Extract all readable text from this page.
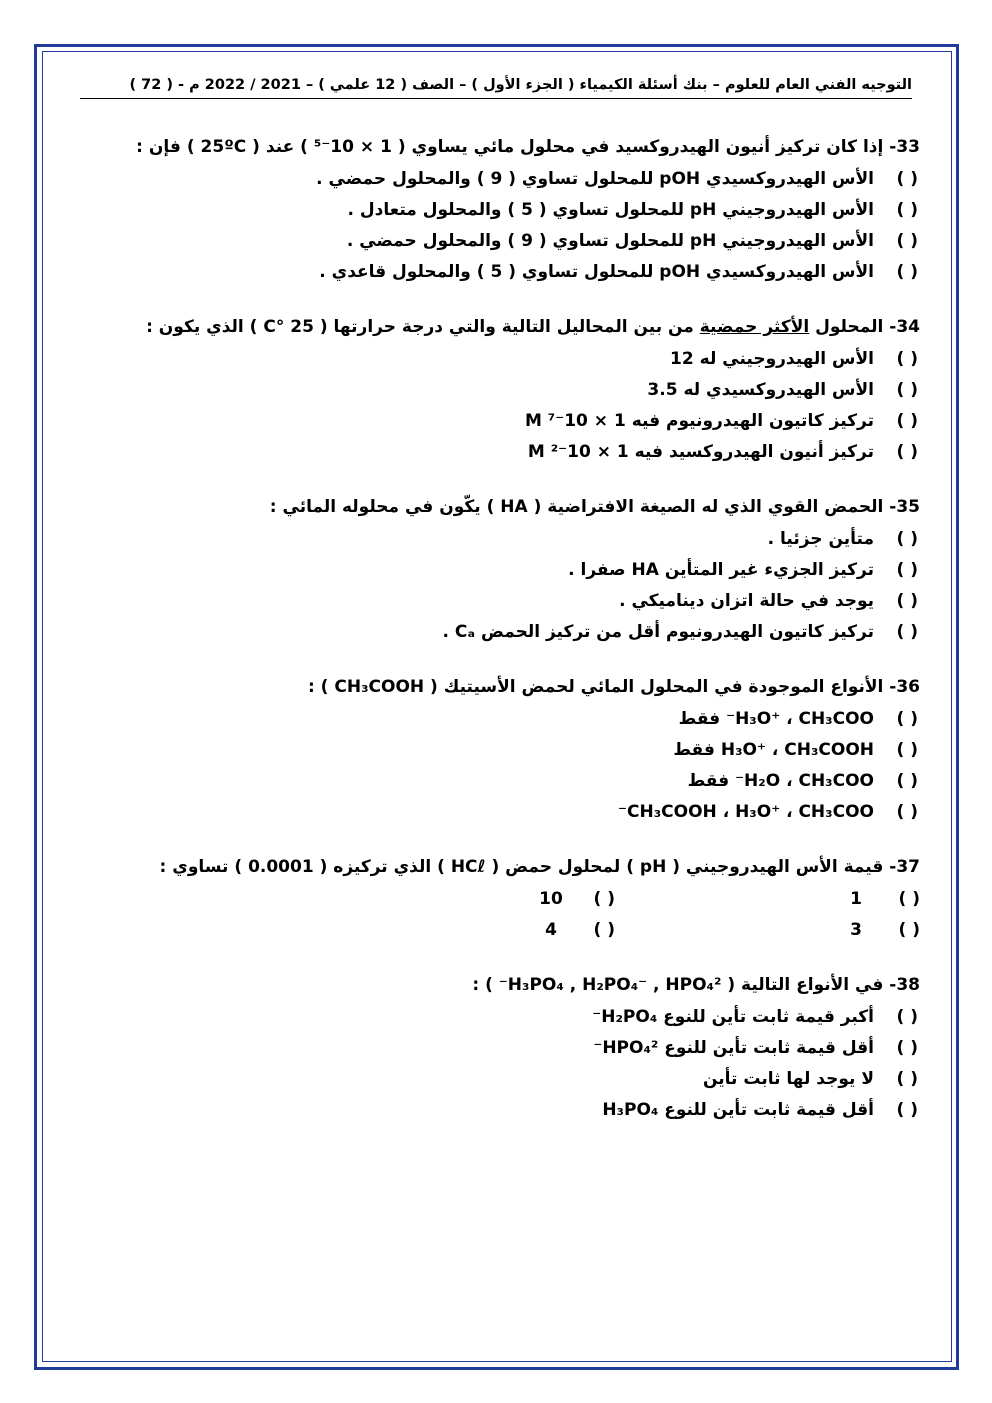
التوجيه الفني العام للعلوم – بنك أسئلة الكيمياء ( الجزء الأول ) – الصف ( 12 علمي ) – 2021 / 2022 م - ( 72 )
33- إذا كان تركيز أنيون الهيدروكسيد في محلول مائي يساوي ( 1 × 10⁻⁵ ) عند ( 25ºC ) فإن :
( )الأس الهيدروكسيدي pOH للمحلول تساوي ( 9 ) والمحلول حمضي .
( )الأس الهيدروجيني pH للمحلول تساوي ( 5 ) والمحلول متعادل .
( )الأس الهيدروجيني pH للمحلول تساوي ( 9 ) والمحلول حمضي .
( )الأس الهيدروكسيدي pOH للمحلول تساوي ( 5 ) والمحلول قاعدي .
34- المحلول الأكثر حمضية من بين المحاليل التالية والتي درجة حرارتها ( 25 °C ) الذي يكون :
( )الأس الهيدروجيني له 12
( )الأس الهيدروكسيدي له 3.5
( )تركيز كاتيون الهيدرونيوم فيه 1 × 10⁻⁷ M
( )تركيز أنيون الهيدروكسيد فيه 1 × 10⁻² M
35- الحمض القوي الذي له الصيغة الافتراضية ( HA ) يكّون في محلوله المائي :
( )متأين جزئيا .
( )تركيز الجزيء غير المتأين HA صفرا .
( )يوجد في حالة اتزان ديناميكي .
( )تركيز كاتيون الهيدرونيوم أقل من تركيز الحمض Cₐ .
36- الأنواع الموجودة في المحلول المائي لحمض الأسيتيك ( CH₃COOH ) :
( )H₃O⁺ ، CH₃COO⁻ فقط
( )H₃O⁺ ، CH₃COOH فقط
( )H₂O ، CH₃COO⁻ فقط
( )CH₃COOH ، H₃O⁺ ، CH₃COO⁻
37- قيمة الأس الهيدروجيني ( pH ) لمحلول حمض ( HCℓ ) الذي تركيزه ( 0.0001 ) تساوي :
( )1
( )10
( )3
( )4
38- في الأنواع التالية ( H₃PO₄ , H₂PO₄⁻ , HPO₄²⁻ ) :
( )أكبر قيمة ثابت تأين للنوع H₂PO₄⁻
( )أقل قيمة ثابت تأين للنوع HPO₄²⁻
( )لا يوجد لها ثابت تأين
( )أقل قيمة ثابت تأين للنوع H₃PO₄
